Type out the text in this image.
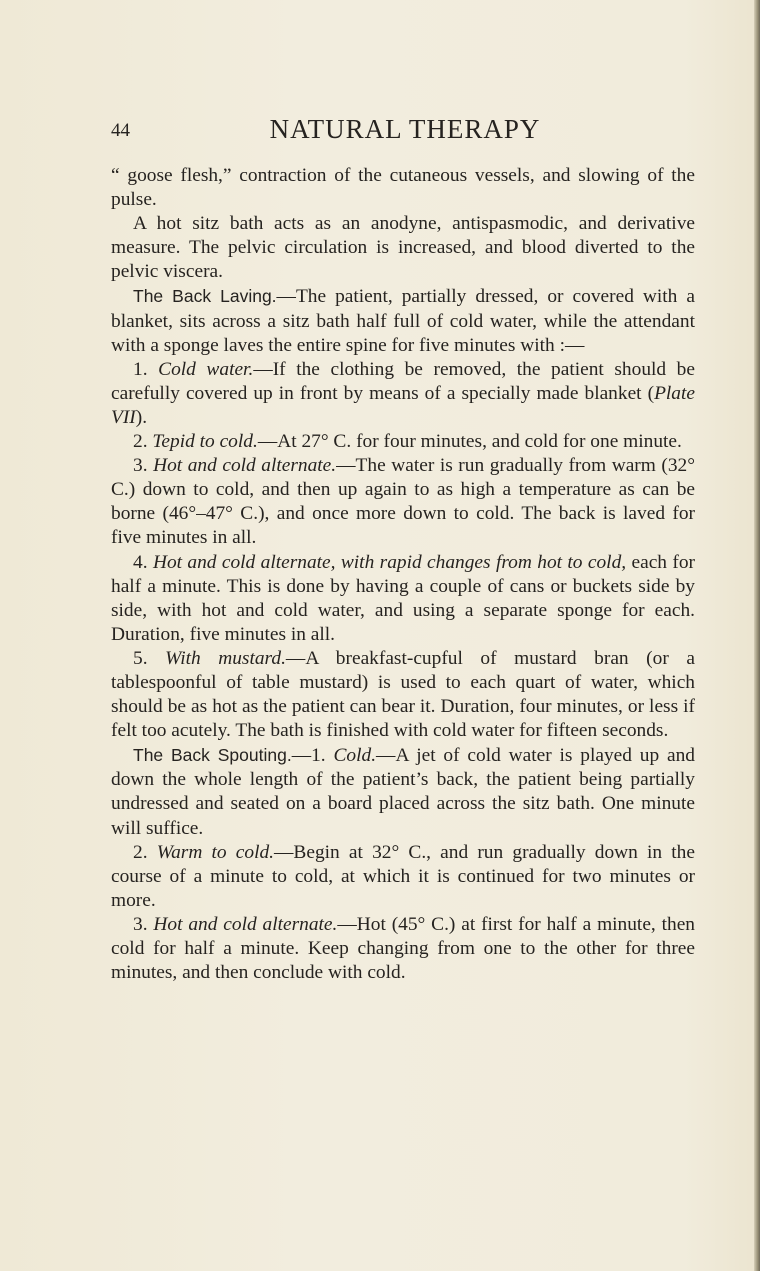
44	NATURAL THERAPY

“ goose flesh,” contraction of the cutaneous vessels, and slowing of the pulse.

A hot sitz bath acts as an anodyne, antispasmodic, and derivative measure. The pelvic circulation is increased, and blood diverted to the pelvic viscera.

The Back Laving.—The patient, partially dressed, or covered with a blanket, sits across a sitz bath half full of cold water, while the attendant with a sponge laves the entire spine for five minutes with :—

1. Cold water.—If the clothing be removed, the patient should be carefully covered up in front by means of a specially made blanket (Plate VII).

2. Tepid to cold.—At 27° C. for four minutes, and cold for one minute.

3. Hot and cold alternate.—The water is run gradually from warm (32° C.) down to cold, and then up again to as high a temperature as can be borne (46°–47° C.), and once more down to cold. The back is laved for five minutes in all.

4. Hot and cold alternate, with rapid changes from hot to cold, each for half a minute. This is done by having a couple of cans or buckets side by side, with hot and cold water, and using a separate sponge for each. Duration, five minutes in all.

5. With mustard.—A breakfast-cupful of mustard bran (or a tablespoonful of table mustard) is used to each quart of water, which should be as hot as the patient can bear it. Duration, four minutes, or less if felt too acutely. The bath is finished with cold water for fifteen seconds.

The Back Spouting.—1. Cold.—A jet of cold water is played up and down the whole length of the patient’s back, the patient being partially undressed and seated on a board placed across the sitz bath. One minute will suffice.

2. Warm to cold.—Begin at 32° C., and run gradually down in the course of a minute to cold, at which it is continued for two minutes or more.

3. Hot and cold alternate.—Hot (45° C.) at first for half a minute, then cold for half a minute. Keep changing from one to the other for three minutes, and then conclude with cold.
